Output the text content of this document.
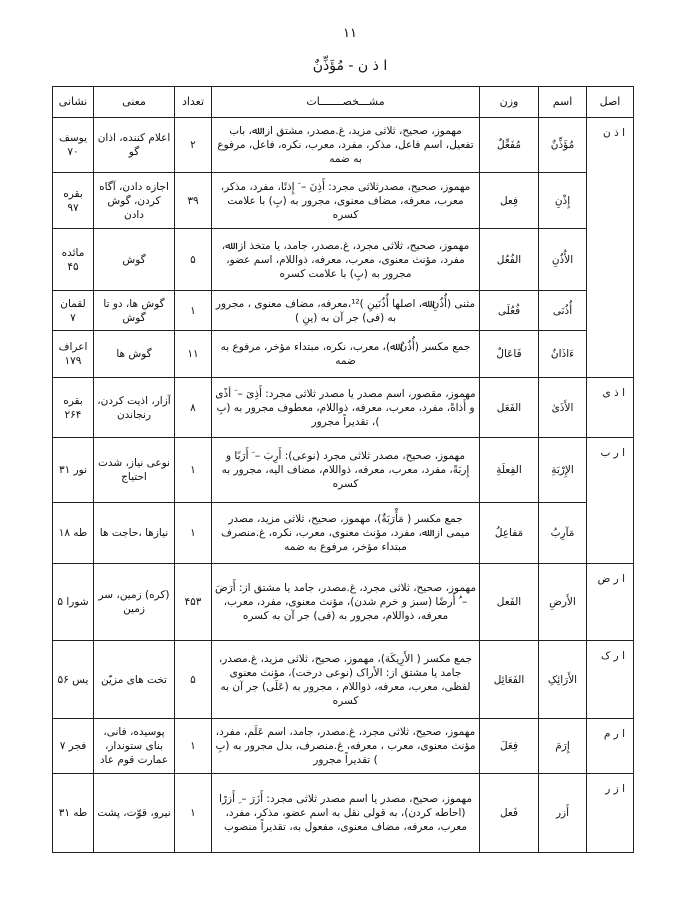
۱۱
ا ذ ن - مُؤَذِّنٌ
اصل	اسم	وزن	مشـــخصـــــــات	تعداد	معنی	نشانی
ا ذ ن	مُؤَذِّنٌ	مُفَعِّلٌ	مهموز، صحیح، ثلاثی مزید، غ.مصدر، مشتق از: ﷲ، باب تفعیل، اسم فاعل، مذکر، مفرد، معرب، نکره، فاعل، مرفوع به ضمه	۲	اعلام کننده، اذان گو	یوسف ۷۰
	إِذْنِ	فِعل	مهموز، صحیح، مصدرثلاثی مجرد: أَذِنَ – َ إِذنًا، مفرد، مذکر، معرب، معرفه، مضاف معنوی، مجرور به (بِ) با علامت کسره	۳۹	اجازه دادن، آگاه کردن، گوش دادن	بقره ۹۷
	الأُذُنِ	الفُعُل	مهموز، صحیح، ثلاثی مجرد، غ.مصدر، جامد، یا متخذ از: ﷲ، مفرد، مؤنث معنوی، معرب، معرفه، ذواللام، اسم عضو، مجرور به (بِ) با علامت کسره	۵	گوش	مائده ۴۵
	أُذُنَی	فُعُلَی	مثنی (أُذُنِ ﷲ، اصلها أُذُنَینِ )¹²،معرفه، مضاف معنوی ، مجرور به (فی) جر آن به (ینِ )	۱	گوش ها، دو تا گوش	لقمان ۷
	ءَاذَانٌ	فَاعَالٌ	جمع مکسر (أُذُنٌ ﷲ)، معرب، نکره، مبتداء مؤخر، مرفوع به ضمه	۱۱	گوش ها	اعراف ۱۷۹
ا ذ ی	الأَذَیٰ	الفَعَل	مهموز، مقصور، اسم مصدر یا مصدر ثلاثی مجرد: أَذِیَ – َ أذًی و أَذاةً، مفرد، معرب، معرفه، ذواللام، معطوف مجرور به (بِ )، تقدیراً مجرور	۸	آزار، اذیت کردن، رنجاندن	بقره ۲۶۴
ا ر ب	الإِرْبَةِ	الفِعلَةِ	مهموز، صحیح، مصدر ثلاثی مجرد (نوعی): أَرِبَ – َ أَرَبًا و إِربَةً، مفرد، معرب، معرفه، ذواللام، مضاف الیه، مجرور به کسره	۱	نوعی نیاز، شدت احتیاج	نور ۳۱
	مَآرِبُ	مَفاعِلُ	جمع مکسر ( مَأْرَبَةٌ)، مهموز، صحیح، ثلاثی مزید، مصدر میمی از: ﷲ، مفرد، مؤنث معنوی، معرب، نکره، غ.منصرف مبتداء مؤخر، مرفوع به ضمه	۱	نیازها ،حاجت ها	طه ۱۸
ا ر ض	الأَرضِ	الفَعل	مهموز، صحیح، ثلاثی مجرد، غ.مصدر، جامد یا مشتق از: أَرَضَ – ُ أَرضًا (سبز و خرم شدن)، مؤنث معنوی، مفرد، معرب، معرفه، ذواللام، مجرور به (فی) جر آن به کسره	۴۵۳	(کره) زمین، سر زمین	شورا ۵
ا ر ک	الأَرَائِکِ	الفَعَائِل	جمع مکسر ( الأَرِیکَة)، مهموز، صحیح، ثلاثی مزید، غ.مصدر، جامد یا مشتق از: الأراک (نوعی درخت)، مؤنث معنوی لفظی، معرب، معرفه، ذواللام ، مجرور به (عَلَی) جر آن به کسره	۵	تخت های مزیّن	یس ۵۶
ا ر م	إِرَمَ	فِعَلَ	مهموز، صحیح، ثلاثی مجرد، غ.مصدر، جامد، اسم عَلَم، مفرد، مؤنث معنوی، معرب ، معرفه، غ.منصرف، بدل مجرور به (بِ ) تقدیراً مجرور	۱	پوسیده، فانی، بنای ستوندار، عمارت قوم عاد	فجر ۷
ا ز ر	أَزر	فَعل	مهموز، صحیح، مصدر یا اسم مصدر ثلاثی مجرد: أَزَرَ – ِ أَزرًا (احاطه کردن)، به قولی نقل به اسم عضو، مذکر، مفرد، معرب، معرفه، مضاف معنوی، مفعول به، تقدیراً منصوب	۱	نیرو، قوّت، پشت	طه ۳۱
